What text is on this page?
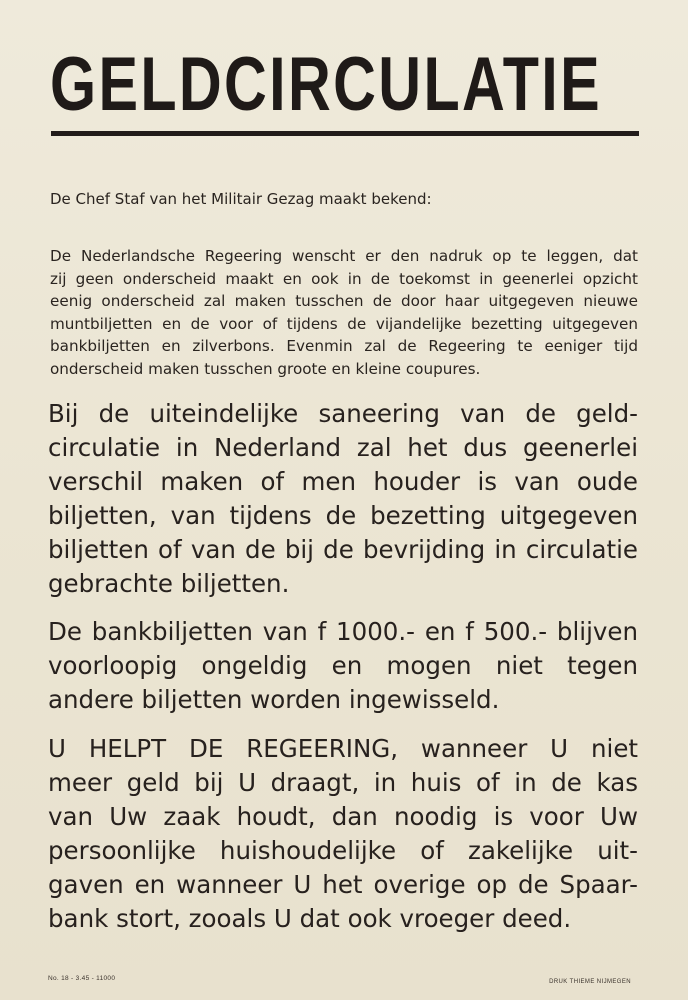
GELDCIRCULATIE
De Chef Staf van het Militair Gezag maakt bekend:
De Nederlandsche Regeering wenscht er den nadruk op te leggen, dat
zij geen onderscheid maakt en ook in de toekomst in geenerlei opzicht
eenig onderscheid zal maken tusschen de door haar uitgegeven nieuwe
muntbiljetten en de voor of tijdens de vijandelijke bezetting uitgegeven
bankbiljetten en zilverbons. Evenmin zal de Regeering te eeniger tijd
onderscheid maken tusschen groote en kleine coupures.
Bij de uiteindelijke saneering van de geld-
circulatie in Nederland zal het dus geenerlei
verschil maken of men houder is van oude
biljetten, van tijdens de bezetting uitgegeven
biljetten of van de bij de bevrijding in circulatie
gebrachte biljetten.
De bankbiljetten van f 1000.- en f 500.- blijven
voorloopig ongeldig en mogen niet tegen
andere biljetten worden ingewisseld.
U HELPT DE REGEERING, wanneer U niet
meer geld bij U draagt, in huis of in de kas
van Uw zaak houdt, dan noodig is voor Uw
persoonlijke huishoudelijke of zakelijke uit-
gaven en wanneer U het overige op de Spaar-
bank stort, zooals U dat ook vroeger deed.
No. 18 - 3.45 - 11000	DRUK THIEME NIJMEGEN
